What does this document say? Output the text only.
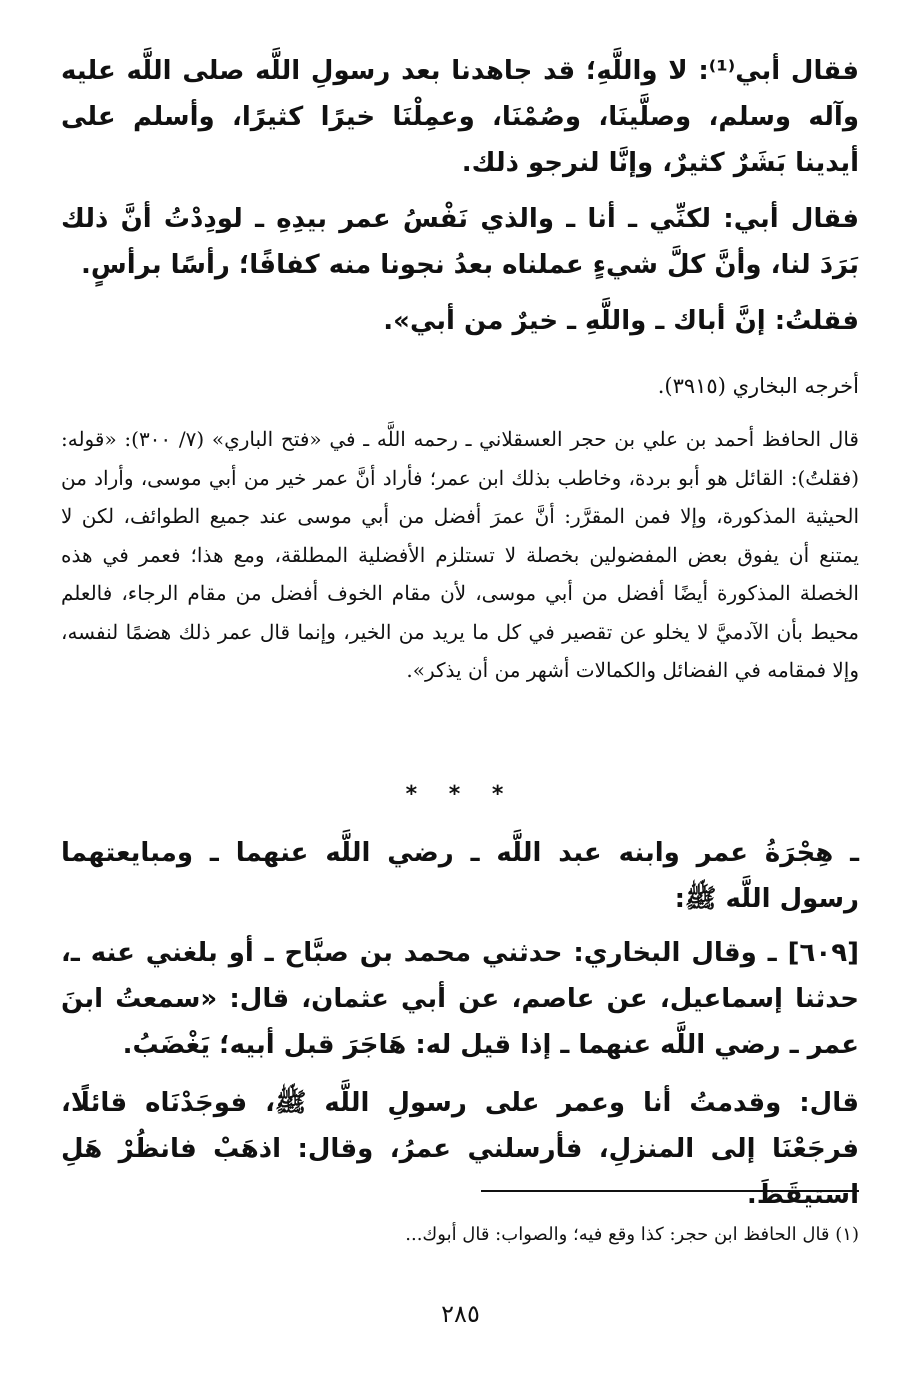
فقال أبي⁽¹⁾: لا واللَّهِ؛ قد جاهدنا بعد رسولِ اللَّه صلى اللَّه عليه وآله وسلم، وصلَّينَا، وصُمْنَا، وعمِلْنَا خيرًا كثيرًا، وأسلم على أيدينا بَشَرٌ كثيرٌ، وإنَّا لنرجو ذلك.

فقال أبي: لكنِّي ـ أنا ـ والذي نَفْسُ عمر بيدِهِ ـ لودِدْتُ أنَّ ذلك بَرَدَ لنا، وأنَّ كلَّ شيءٍ عملناه بعدُ نجونا منه كفافًا؛ رأسًا برأسٍ.

فقلتُ: إنَّ أباك ـ واللَّهِ ـ خيرٌ من أبي».

أخرجه البخاري (٣٩١٥).

قال الحافظ أحمد بن علي بن حجر العسقلاني ـ رحمه اللَّه ـ في «فتح الباري» (٧/ ٣٠٠): «قوله: (فقلتُ): القائل هو أبو بردة، وخاطب بذلك ابن عمر؛ فأراد أنَّ عمر خير من أبي موسى، وأراد من الحيثية المذكورة، وإلا فمن المقرَّر: أنَّ عمرَ أفضل من أبي موسى عند جميع الطوائف، لكن لا يمتنع أن يفوق بعض المفضولين بخصلة لا تستلزم الأفضلية المطلقة، ومع هذا؛ فعمر في هذه الخصلة المذكورة أيضًا أفضل من أبي موسى، لأن مقام الخوف أفضل من مقام الرجاء، فالعلم محيط بأن الآدميَّ لا يخلو عن تقصير في كل ما يريد من الخير، وإنما قال عمر ذلك هضمًا لنفسه، وإلا فمقامه في الفضائل والكمالات أشهر من أن يذكر».

* * *

ـ هِجْرَةُ عمر وابنه عبد اللَّه ـ رضي اللَّه عنهما ـ ومبايعتهما رسول اللَّه ﷺ:

[٦٠٩] ـ وقال البخاري: حدثني محمد بن صبَّاح ـ أو بلغني عنه ـ، حدثنا إسماعيل، عن عاصم، عن أبي عثمان، قال: «سمعتُ ابنَ عمر ـ رضي اللَّه عنهما ـ إذا قيل له: هَاجَرَ قبل أبيه؛ يَغْضَبُ.

قال: وقدمتُ أنا وعمر على رسولِ اللَّه ﷺ، فوجَدْنَاه قائلًا، فرجَعْنَا إلى المنزلِ، فأرسلني عمرُ، وقال: اذهَبْ فانظُرْ هَلِ استيقَظَ.

(١) قال الحافظ ابن حجر: كذا وقع فيه؛ والصواب: قال أبوك...

٢٨٥
